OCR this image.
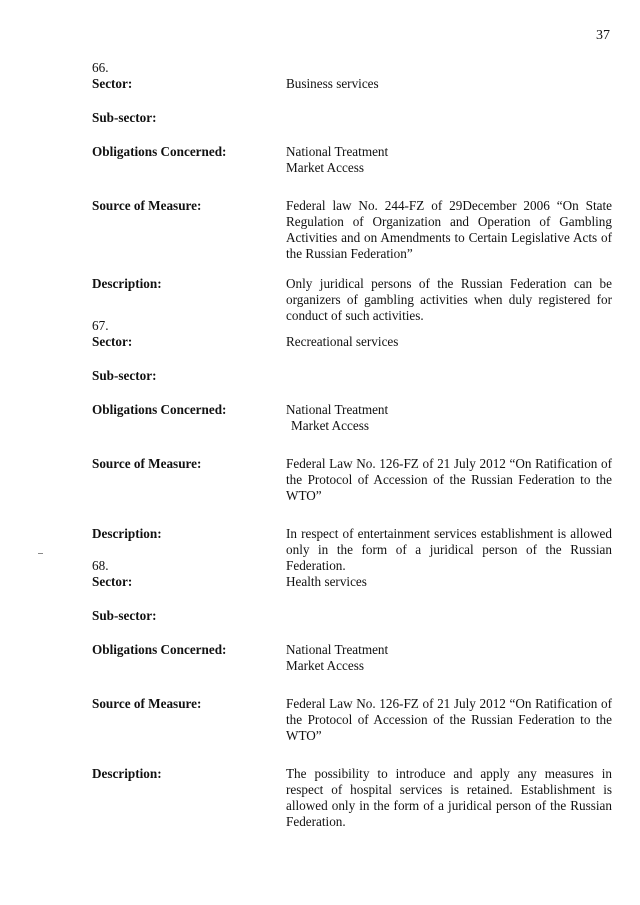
37
66.
Sector:	Business services

Sub-sector:

Obligations Concerned:	National Treatment

Market Access

Source of Measure:	Federal law No. 244-FZ of 29December 2006 “On State Regulation of Organization and Operation of Gambling Activities and on Amendments to Certain Legislative Acts of the Russian Federation”

Description:	Only juridical persons of the Russian Federation can be organizers of gambling activities when duly registered for conduct of such activities.

67.
Sector:	Recreational services

Sub-sector:

Obligations Concerned:	National Treatment

Market Access

Source of Measure:	Federal Law No. 126-FZ of 21 July 2012 “On Ratification of the Protocol of Accession of the Russian Federation to the WTO”

Description:	In respect of entertainment services establishment is allowed only in the form of a juridical person of the Russian Federation.

68.
Sector:	Health services

Sub-sector:

Obligations Concerned:	National Treatment

Market Access

Source of Measure:	Federal Law No. 126-FZ of 21 July 2012 “On Ratification of the Protocol of Accession of the Russian Federation to the WTO”

Description:	The possibility to introduce and apply any measures in respect of hospital services is retained. Establishment is allowed only in the form of a juridical person of the Russian Federation.
